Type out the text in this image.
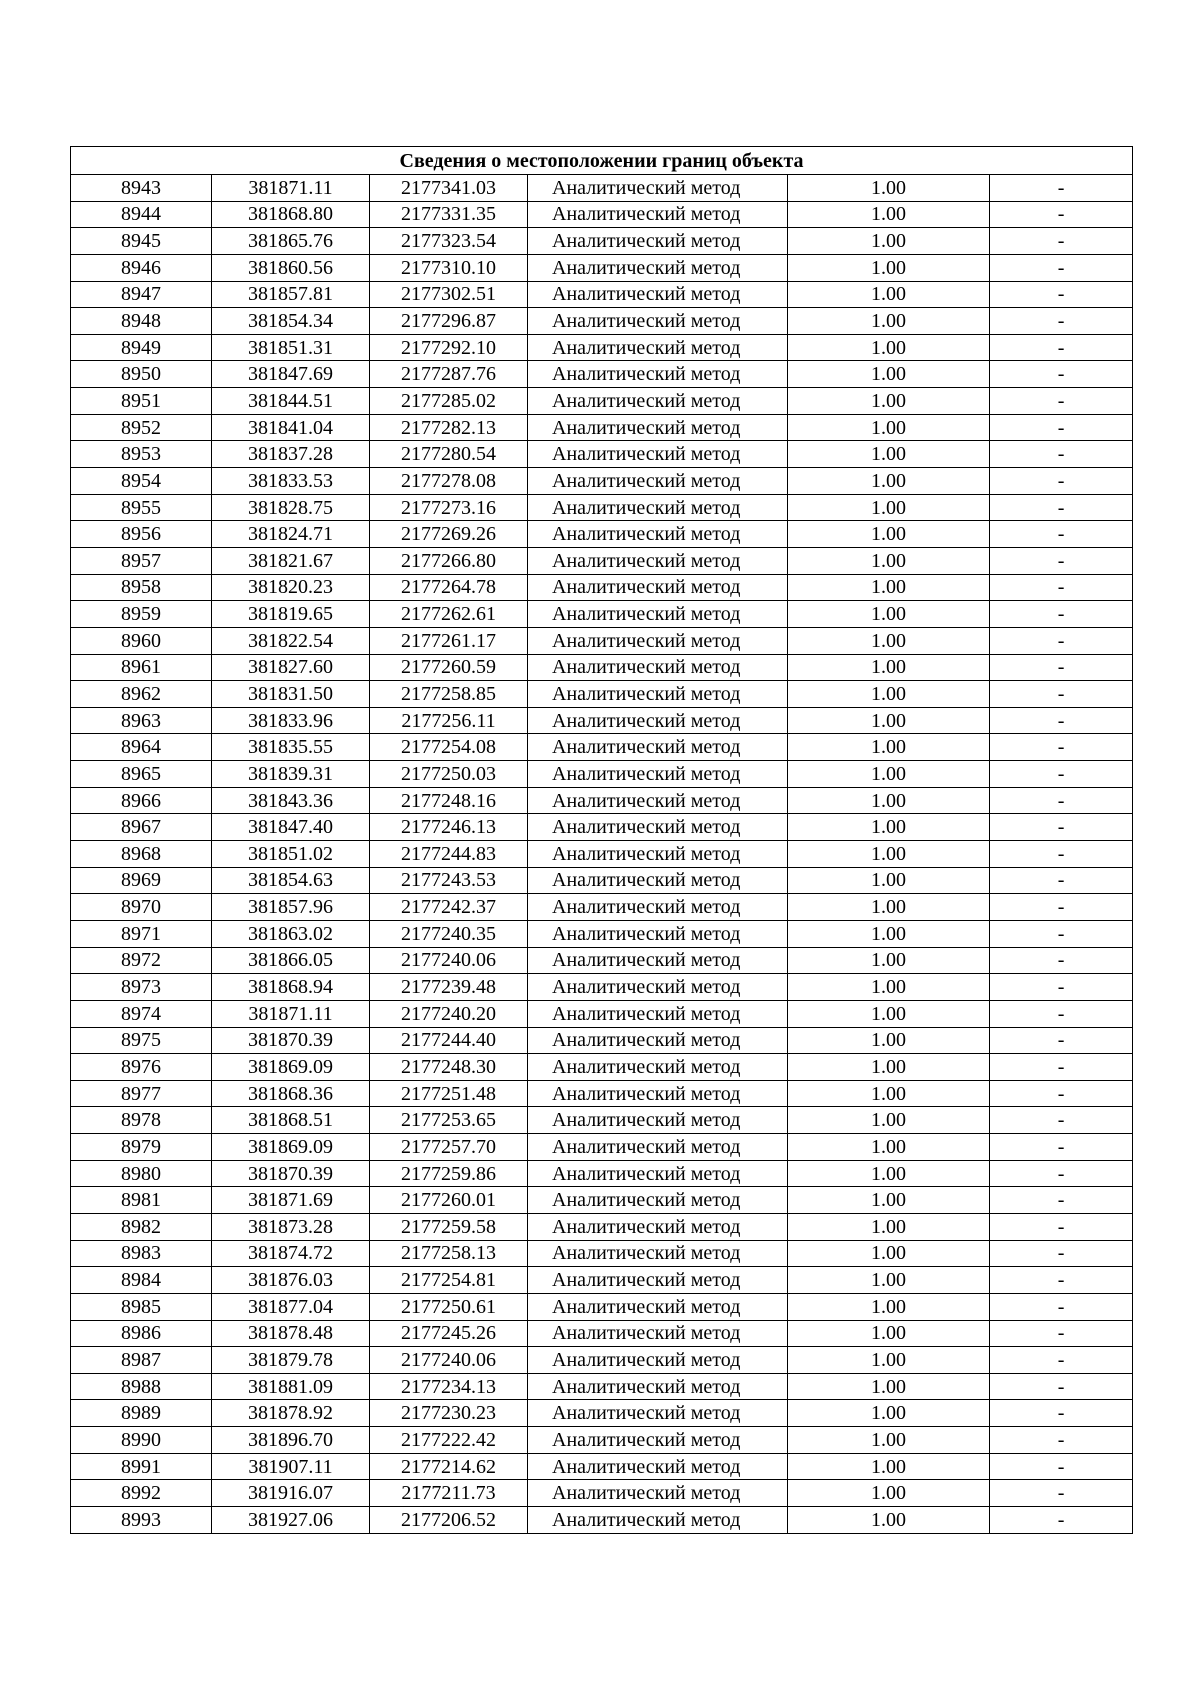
Сведения о местоположении границ объекта					
8943	381871.11	2177341.03	Аналитический метод	1.00	-
8944	381868.80	2177331.35	Аналитический метод	1.00	-
8945	381865.76	2177323.54	Аналитический метод	1.00	-
8946	381860.56	2177310.10	Аналитический метод	1.00	-
8947	381857.81	2177302.51	Аналитический метод	1.00	-
8948	381854.34	2177296.87	Аналитический метод	1.00	-
8949	381851.31	2177292.10	Аналитический метод	1.00	-
8950	381847.69	2177287.76	Аналитический метод	1.00	-
8951	381844.51	2177285.02	Аналитический метод	1.00	-
8952	381841.04	2177282.13	Аналитический метод	1.00	-
8953	381837.28	2177280.54	Аналитический метод	1.00	-
8954	381833.53	2177278.08	Аналитический метод	1.00	-
8955	381828.75	2177273.16	Аналитический метод	1.00	-
8956	381824.71	2177269.26	Аналитический метод	1.00	-
8957	381821.67	2177266.80	Аналитический метод	1.00	-
8958	381820.23	2177264.78	Аналитический метод	1.00	-
8959	381819.65	2177262.61	Аналитический метод	1.00	-
8960	381822.54	2177261.17	Аналитический метод	1.00	-
8961	381827.60	2177260.59	Аналитический метод	1.00	-
8962	381831.50	2177258.85	Аналитический метод	1.00	-
8963	381833.96	2177256.11	Аналитический метод	1.00	-
8964	381835.55	2177254.08	Аналитический метод	1.00	-
8965	381839.31	2177250.03	Аналитический метод	1.00	-
8966	381843.36	2177248.16	Аналитический метод	1.00	-
8967	381847.40	2177246.13	Аналитический метод	1.00	-
8968	381851.02	2177244.83	Аналитический метод	1.00	-
8969	381854.63	2177243.53	Аналитический метод	1.00	-
8970	381857.96	2177242.37	Аналитический метод	1.00	-
8971	381863.02	2177240.35	Аналитический метод	1.00	-
8972	381866.05	2177240.06	Аналитический метод	1.00	-
8973	381868.94	2177239.48	Аналитический метод	1.00	-
8974	381871.11	2177240.20	Аналитический метод	1.00	-
8975	381870.39	2177244.40	Аналитический метод	1.00	-
8976	381869.09	2177248.30	Аналитический метод	1.00	-
8977	381868.36	2177251.48	Аналитический метод	1.00	-
8978	381868.51	2177253.65	Аналитический метод	1.00	-
8979	381869.09	2177257.70	Аналитический метод	1.00	-
8980	381870.39	2177259.86	Аналитический метод	1.00	-
8981	381871.69	2177260.01	Аналитический метод	1.00	-
8982	381873.28	2177259.58	Аналитический метод	1.00	-
8983	381874.72	2177258.13	Аналитический метод	1.00	-
8984	381876.03	2177254.81	Аналитический метод	1.00	-
8985	381877.04	2177250.61	Аналитический метод	1.00	-
8986	381878.48	2177245.26	Аналитический метод	1.00	-
8987	381879.78	2177240.06	Аналитический метод	1.00	-
8988	381881.09	2177234.13	Аналитический метод	1.00	-
8989	381878.92	2177230.23	Аналитический метод	1.00	-
8990	381896.70	2177222.42	Аналитический метод	1.00	-
8991	381907.11	2177214.62	Аналитический метод	1.00	-
8992	381916.07	2177211.73	Аналитический метод	1.00	-
8993	381927.06	2177206.52	Аналитический метод	1.00	-
